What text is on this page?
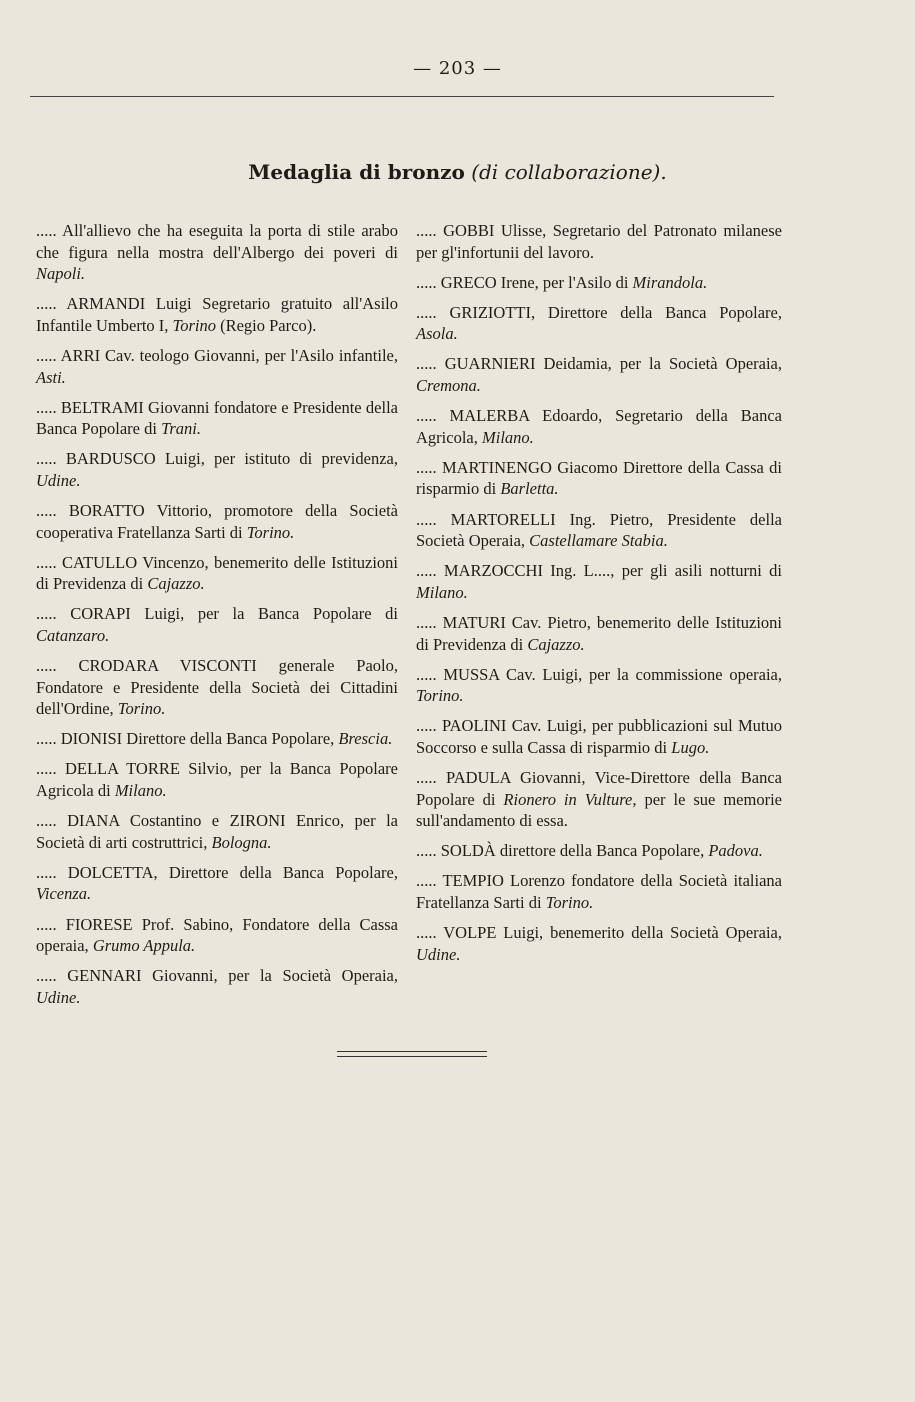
— 203 —
Medaglia di bronzo (di collaborazione).

..... All'allievo che ha eseguita la porta di stile arabo che figura nella mostra dell'Albergo dei poveri di Napoli.

..... ARMANDI Luigi Segretario gratuito all'Asilo Infantile Umberto I, Torino (Regio Parco).

..... ARRI Cav. teologo Giovanni, per l'Asilo infantile, Asti.

..... BELTRAMI Giovanni fondatore e Presidente della Banca Popolare di Trani.

..... BARDUSCO Luigi, per istituto di previdenza, Udine.

..... BORATTO Vittorio, promotore della Società cooperativa Fratellanza Sarti di Torino.

..... CATULLO Vincenzo, benemerito delle Istituzioni di Previdenza di Cajazzo.

..... CORAPI Luigi, per la Banca Popolare di Catanzaro.

..... CRODARA VISCONTI generale Paolo, Fondatore e Presidente della Società dei Cittadini dell'Ordine, Torino.

..... DIONISI Direttore della Banca Popolare, Brescia.

..... DELLA TORRE Silvio, per la Banca Popolare Agricola di Milano.

..... DIANA Costantino e ZIRONI Enrico, per la Società di arti costruttrici, Bologna.

..... DOLCETTA, Direttore della Banca Popolare, Vicenza.

..... FIORESE Prof. Sabino, Fondatore della Cassa operaia, Grumo Appula.

..... GENNARI Giovanni, per la Società Operaia, Udine.

..... GOBBI Ulisse, Segretario del Patronato milanese per gl'infortunii del lavoro.

..... GRECO Irene, per l'Asilo di Mirandola.

..... GRIZIOTTI, Direttore della Banca Popolare, Asola.

..... GUARNIERI Deidamia, per la Società Operaia, Cremona.

..... MALERBA Edoardo, Segretario della Banca Agricola, Milano.

..... MARTINENGO Giacomo Direttore della Cassa di risparmio di Barletta.

..... MARTORELLI Ing. Pietro, Presidente della Società Operaia, Castellamare Stabia.

..... MARZOCCHI Ing. L...., per gli asili notturni di Milano.

..... MATURI Cav. Pietro, benemerito delle Istituzioni di Previdenza di Cajazzo.

..... MUSSA Cav. Luigi, per la commissione operaia, Torino.

..... PAOLINI Cav. Luigi, per pubblicazioni sul Mutuo Soccorso e sulla Cassa di risparmio di Lugo.

..... PADULA Giovanni, Vice-Direttore della Banca Popolare di Rionero in Vulture, per le sue memorie sull'andamento di essa.

..... SOLDÀ direttore della Banca Popolare, Padova.

..... TEMPIO Lorenzo fondatore della Società italiana Fratellanza Sarti di Torino.

..... VOLPE Luigi, benemerito della Società Operaia, Udine.
